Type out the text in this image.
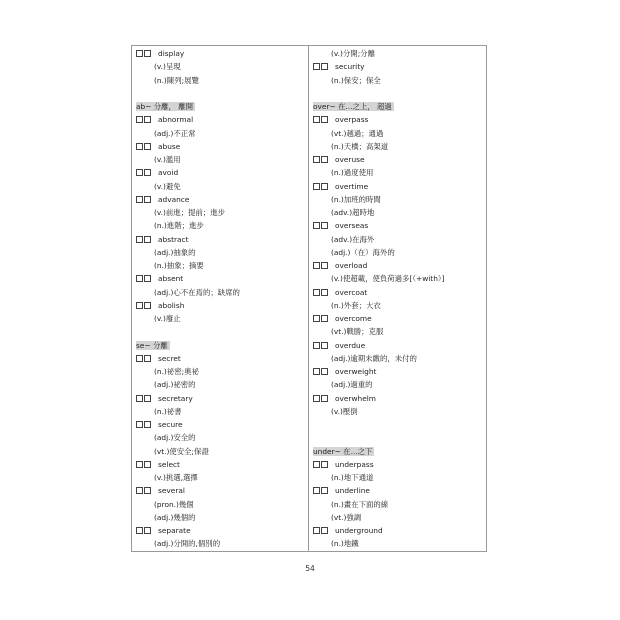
display
(v.)呈現
(n.)陳列;展覽
ab~ 分離， 離開
abnormal
(adj.)不正常
abuse
(v.)濫用
avoid
(v.)避免
advance
(v.)前進；提前；進步
(n.)進階；進步
abstract
(adj.)抽象的
(n.)抽象；摘要
absent
(adj.)心不在焉的；缺席的
abolish
(v.)廢止
se~ 分離
secret
(n.)祕密;奧祕
(adj.)祕密的
secretary
(n.)祕書
secure
(adj.)安全的
(vt.)使安全;保證
select
(v.)挑選,選擇
several
(pron.)幾個
(adj.)幾個的
separate
(adj.)分開的,個別的
(v.)分開;分離
security
(n.)保安；保全
over~ 在...之上， 超過
overpass
(vt.)越過；通過
(n.)天橋；高架道
overuse
(n.)過度使用
overtime
(n.)加班的時間
(adv.)超時地
overseas
(adv.)在海外
(adj.)（在）海外的
overload
(v.)使超載，使負荷過多[（+with）]
overcoat
(n.)外套；大衣
overcome
(vt.)戰勝；克服
overdue
(adj.)逾期未繳的，未付的
overweight
(adj.)過重的
overwhelm
(v.)壓倒
under~ 在...之下
underpass
(n.)地下通道
underline
(n.)畫在下面的線
(vt.)強調
underground
(n.)地鐵
54
